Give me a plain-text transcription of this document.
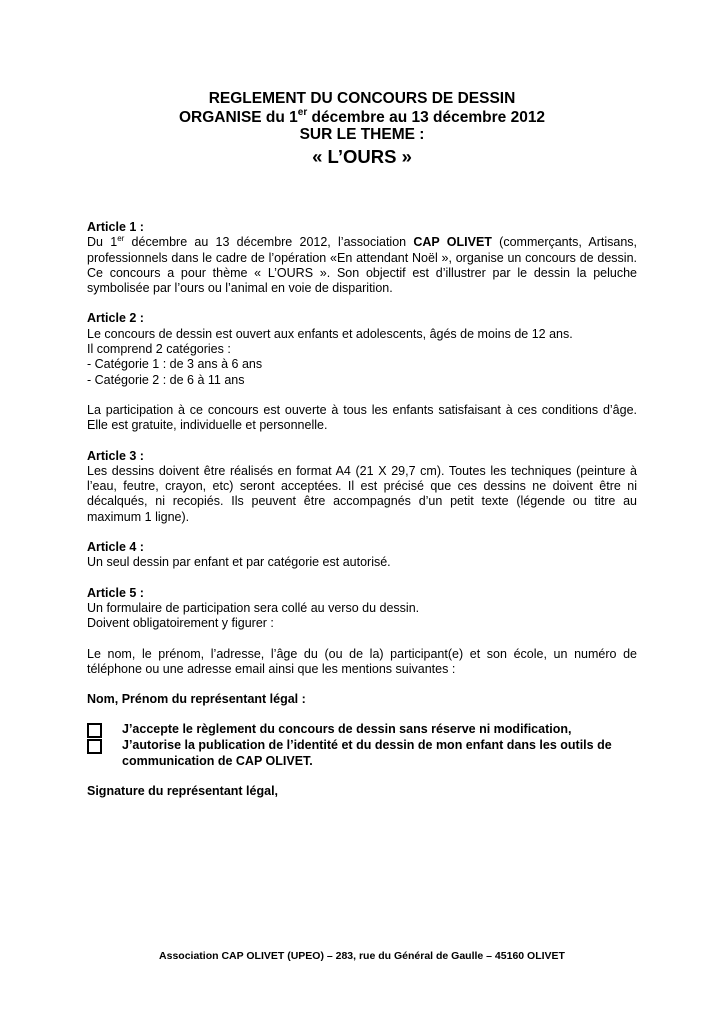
REGLEMENT DU CONCOURS DE DESSIN
ORGANISE du 1er décembre au 13 décembre 2012
SUR LE THEME :
« L’OURS »

Article 1 :

Du 1er décembre au 13 décembre 2012, l’association CAP OLIVET (commerçants, Artisans, professionnels dans le cadre de l’opération «En attendant Noël », organise un concours de dessin. Ce concours a pour thème « L’OURS ». Son objectif est d’illustrer par le dessin la peluche symbolisée par l’ours ou l’animal en voie de disparition.

Article 2 :

Le concours de dessin est ouvert aux enfants et adolescents, âgés de moins de 12 ans.

Il comprend 2 catégories :

- Catégorie 1 : de 3 ans à 6 ans

- Catégorie 2 : de 6 à 11 ans

La participation à ce concours est ouverte à tous les enfants satisfaisant à ces conditions d’âge. Elle est gratuite, individuelle et personnelle.

Article 3 :

Les dessins doivent être réalisés en format A4 (21 X 29,7 cm). Toutes les techniques (peinture à l’eau, feutre, crayon, etc) seront acceptées. Il est précisé que ces dessins ne doivent être ni décalqués, ni recopiés. Ils peuvent être accompagnés d’un petit texte (légende ou titre au maximum 1 ligne).

Article 4 :

Un seul dessin par enfant et par catégorie est autorisé.

Article 5 :

Un formulaire de participation sera collé au verso du dessin.

Doivent obligatoirement y figurer :

Le nom, le prénom, l’adresse, l’âge du (ou de la) participant(e) et son école, un numéro de téléphone ou une adresse email ainsi que les mentions suivantes :

Nom, Prénom du représentant légal :

J’accepte le règlement du concours de dessin sans réserve ni modification,
J’autorise la publication de l’identité et du dessin de mon enfant dans les outils de communication de CAP OLIVET.

Signature du représentant légal,

Association CAP OLIVET (UPEO) – 283, rue du Général de Gaulle – 45160 OLIVET
